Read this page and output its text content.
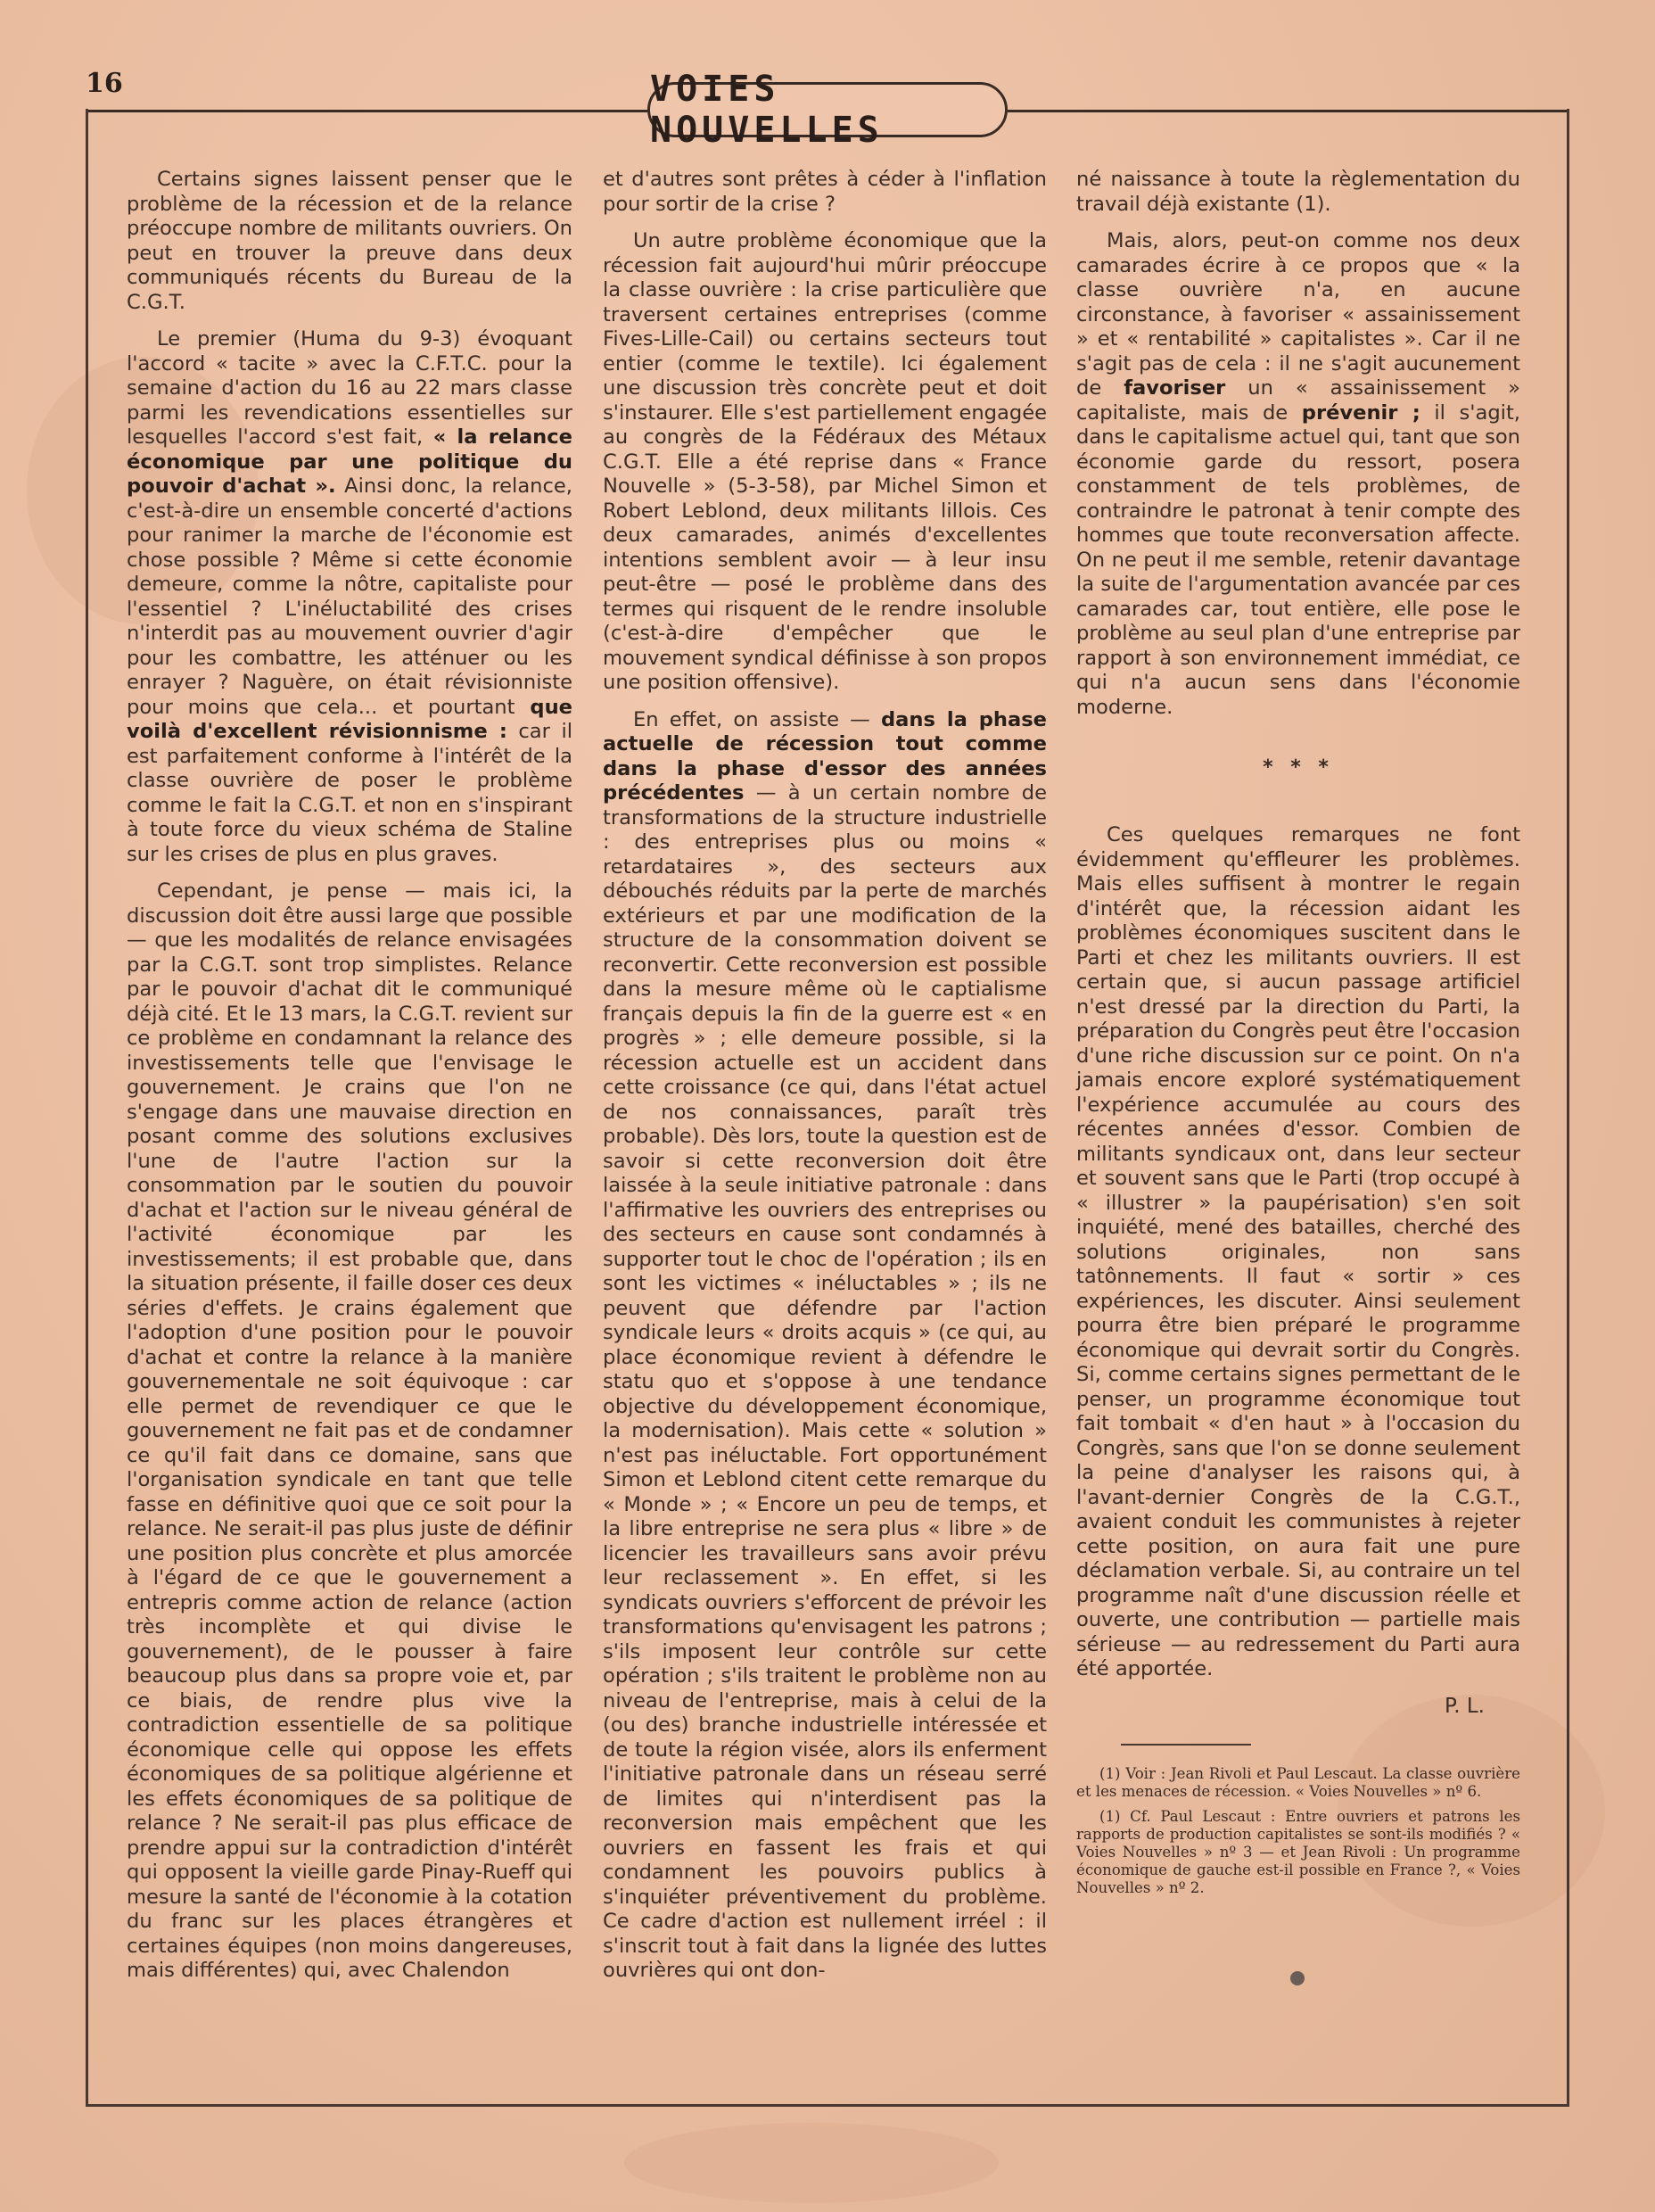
16	VOIES NOUVELLES

Certains signes laissent penser que le problème de la récession et de la relance préoccupe nombre de militants ouvriers. On peut en trouver la preuve dans deux communiqués récents du Bureau de la C.G.T.

Le premier (Huma du 9-3) évoquant l'accord « tacite » avec la C.F.T.C. pour la semaine d'action du 16 au 22 mars classe parmi les revendications essentielles sur lesquelles l'accord s'est fait, « la relance économique par une politique du pouvoir d'achat ». Ainsi donc, la relance, c'est-à-dire un ensemble concerté d'actions pour ranimer la marche de l'économie est chose possible ? Même si cette économie demeure, comme la nôtre, capitaliste pour l'essentiel ? L'inéluctabilité des crises n'interdit pas au mouvement ouvrier d'agir pour les combattre, les atténuer ou les enrayer ? Naguère, on était révisionniste pour moins que cela... et pourtant que voilà d'excellent révisionnisme : car il est parfaitement conforme à l'intérêt de la classe ouvrière de poser le problème comme le fait la C.G.T. et non en s'inspirant à toute force du vieux schéma de Staline sur les crises de plus en plus graves.

Cependant, je pense — mais ici, la discussion doit être aussi large que possible — que les modalités de relance envisagées par la C.G.T. sont trop simplistes. Relance par le pouvoir d'achat dit le communiqué déjà cité. Et le 13 mars, la C.G.T. revient sur ce problème en condamnant la relance des investissements telle que l'envisage le gouvernement. Je crains que l'on ne s'engage dans une mauvaise direction en posant comme des solutions exclusives l'une de l'autre l'action sur la consommation par le soutien du pouvoir d'achat et l'action sur le niveau général de l'activité économique par les investissements; il est probable que, dans la situation présente, il faille doser ces deux séries d'effets. Je crains également que l'adoption d'une position pour le pouvoir d'achat et contre la relance à la manière gouvernementale ne soit équivoque : car elle permet de revendiquer ce que le gouvernement ne fait pas et de condamner ce qu'il fait dans ce domaine, sans que l'organisation syndicale en tant que telle fasse en définitive quoi que ce soit pour la relance. Ne serait-il pas plus juste de définir une position plus concrète et plus amorcée à l'égard de ce que le gouvernement a entrepris comme action de relance (action très incomplète et qui divise le gouvernement), de le pousser à faire beaucoup plus dans sa propre voie et, par ce biais, de rendre plus vive la contradiction essentielle de sa politique économique celle qui oppose les effets économiques de sa politique algérienne et les effets économiques de sa politique de relance ? Ne serait-il pas plus efficace de prendre appui sur la contradiction d'intérêt qui opposent la vieille garde Pinay-Rueff qui mesure la santé de l'économie à la cotation du franc sur les places étrangères et certaines équipes (non moins dangereuses, mais différentes) qui, avec Chalendon

et d'autres sont prêtes à céder à l'inflation pour sortir de la crise ?

Un autre problème économique que la récession fait aujourd'hui mûrir préoccupe la classe ouvrière : la crise particulière que traversent certaines entreprises (comme Fives-Lille-Cail) ou certains secteurs tout entier (comme le textile). Ici également une discussion très concrète peut et doit s'instaurer. Elle s'est partiellement engagée au congrès de la Fédéraux des Métaux C.G.T. Elle a été reprise dans « France Nouvelle » (5-3-58), par Michel Simon et Robert Leblond, deux militants lillois. Ces deux camarades, animés d'excellentes intentions semblent avoir — à leur insu peut-être — posé le problème dans des termes qui risquent de le rendre insoluble (c'est-à-dire d'empêcher que le mouvement syndical définisse à son propos une position offensive).

En effet, on assiste — dans la phase actuelle de récession tout comme dans la phase d'essor des années précédentes — à un certain nombre de transformations de la structure industrielle : des entreprises plus ou moins « retardataires », des secteurs aux débouchés réduits par la perte de marchés extérieurs et par une modification de la structure de la consommation doivent se reconvertir. Cette reconversion est possible dans la mesure même où le captialisme français depuis la fin de la guerre est « en progrès » ; elle demeure possible, si la récession actuelle est un accident dans cette croissance (ce qui, dans l'état actuel de nos connaissances, paraît très probable). Dès lors, toute la question est de savoir si cette reconversion doit être laissée à la seule initiative patronale : dans l'affirmative les ouvriers des entreprises ou des secteurs en cause sont condamnés à supporter tout le choc de l'opération ; ils en sont les victimes « inéluctables » ; ils ne peuvent que défendre par l'action syndicale leurs « droits acquis » (ce qui, au place économique revient à défendre le statu quo et s'oppose à une tendance objective du développement économique, la modernisation). Mais cette « solution » n'est pas inéluctable. Fort opportunément Simon et Leblond citent cette remarque du « Monde » ; « Encore un peu de temps, et la libre entreprise ne sera plus « libre » de licencier les travailleurs sans avoir prévu leur reclassement ». En effet, si les syndicats ouvriers s'efforcent de prévoir les transformations qu'envisagent les patrons ; s'ils imposent leur contrôle sur cette opération ; s'ils traitent le problème non au niveau de l'entreprise, mais à celui de la (ou des) branche industrielle intéressée et de toute la région visée, alors ils enferment l'initiative patronale dans un réseau serré de limites qui n'interdisent pas la reconversion mais empêchent que les ouvriers en fassent les frais et qui condamnent les pouvoirs publics à s'inquiéter préventivement du problème. Ce cadre d'action est nullement irréel : il s'inscrit tout à fait dans la lignée des luttes ouvrières qui ont don-

né naissance à toute la règlementation du travail déjà existante (1).

Mais, alors, peut-on comme nos deux camarades écrire à ce propos que « la classe ouvrière n'a, en aucune circonstance, à favoriser « assainissement » et « rentabilité » capitalistes ». Car il ne s'agit pas de cela : il ne s'agit aucunement de favoriser un « assainissement » capitaliste, mais de prévenir ; il s'agit, dans le capitalisme actuel qui, tant que son économie garde du ressort, posera constamment de tels problèmes, de contraindre le patronat à tenir compte des hommes que toute reconversation affecte. On ne peut il me semble, retenir davantage la suite de l'argumentation avancée par ces camarades car, tout entière, elle pose le problème au seul plan d'une entreprise par rapport à son environnement immédiat, ce qui n'a aucun sens dans l'économie moderne.

* * *

Ces quelques remarques ne font évidemment qu'effleurer les problèmes. Mais elles suffisent à montrer le regain d'intérêt que, la récession aidant les problèmes économiques suscitent dans le Parti et chez les militants ouvriers. Il est certain que, si aucun passage artificiel n'est dressé par la direction du Parti, la préparation du Congrès peut être l'occasion d'une riche discussion sur ce point. On n'a jamais encore exploré systématiquement l'expérience accumulée au cours des récentes années d'essor. Combien de militants syndicaux ont, dans leur secteur et souvent sans que le Parti (trop occupé à « illustrer » la paupérisation) s'en soit inquiété, mené des batailles, cherché des solutions originales, non sans tatônnements. Il faut « sortir » ces expériences, les discuter. Ainsi seulement pourra être bien préparé le programme économique qui devrait sortir du Congrès. Si, comme certains signes permettant de le penser, un programme économique tout fait tombait « d'en haut » à l'occasion du Congrès, sans que l'on se donne seulement la peine d'analyser les raisons qui, à l'avant-dernier Congrès de la C.G.T., avaient conduit les communistes à rejeter cette position, on aura fait une pure déclamation verbale. Si, au contraire un tel programme naît d'une discussion réelle et ouverte, une contribution — partielle mais sérieuse — au redressement du Parti aura été apportée.

P. L.

(1) Voir : Jean Rivoli et Paul Lescaut. La classe ouvrière et les menaces de récession. « Voies Nouvelles » nº 6.

(1) Cf. Paul Lescaut : Entre ouvriers et patrons les rapports de production capitalistes se sont-ils modifiés ? « Voies Nouvelles » nº 3 — et Jean Rivoli : Un programme économique de gauche est-il possible en France ?, « Voies Nouvelles » nº 2.
